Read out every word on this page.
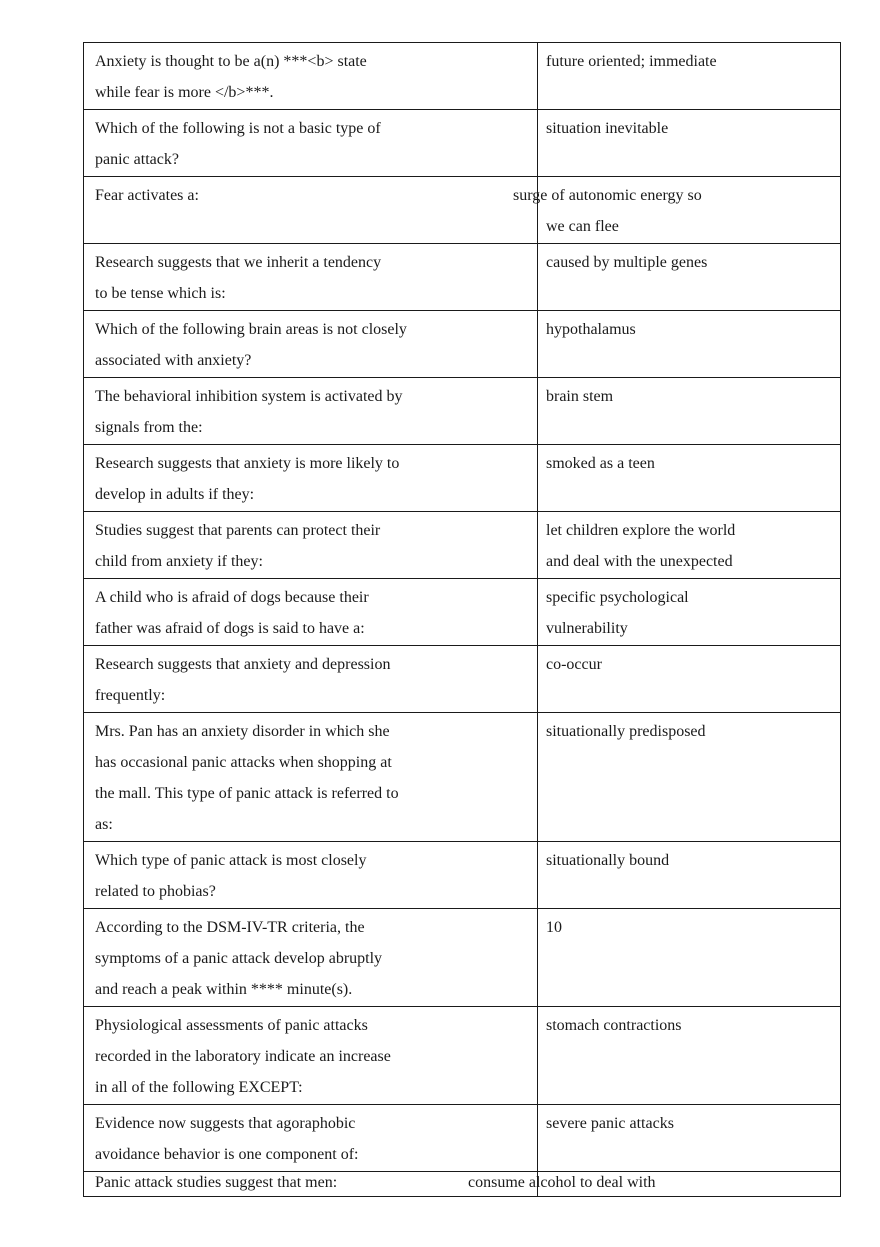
Anxiety is thought to be a(n) ***<b> state
while fear is more </b>***.	future oriented; immediate
Which of the following is not a basic type of
panic attack?	situation inevitable
Fear activates a:	surge of autonomic energy so
we can flee
Research suggests that we inherit a tendency
to be tense which is:	caused by multiple genes
Which of the following brain areas is not closely
associated with anxiety?	hypothalamus
The behavioral inhibition system is activated by
signals from the:	brain stem
Research suggests that anxiety is more likely to
develop in adults if they:	smoked as a teen
Studies suggest that parents can protect their
child from anxiety if they:	let children explore the world
and deal with the unexpected
A child who is afraid of dogs because their
father was afraid of dogs is said to have a:	specific psychological
vulnerability
Research suggests that anxiety and depression
frequently:	co-occur
Mrs. Pan has an anxiety disorder in which she
has occasional panic attacks when shopping at
the mall. This type of panic attack is referred to
as:	situationally predisposed
Which type of panic attack is most closely
related to phobias?	situationally bound
According to the DSM-IV-TR criteria, the
symptoms of a panic attack develop abruptly
and reach a peak within **** minute(s).	10
Physiological assessments of panic attacks
recorded in the laboratory indicate an increase
in all of the following EXCEPT:	stomach contractions
Evidence now suggests that agoraphobic
avoidance behavior is one component of:	severe panic attacks
Panic attack studies suggest that men:	consume alcohol to deal with
